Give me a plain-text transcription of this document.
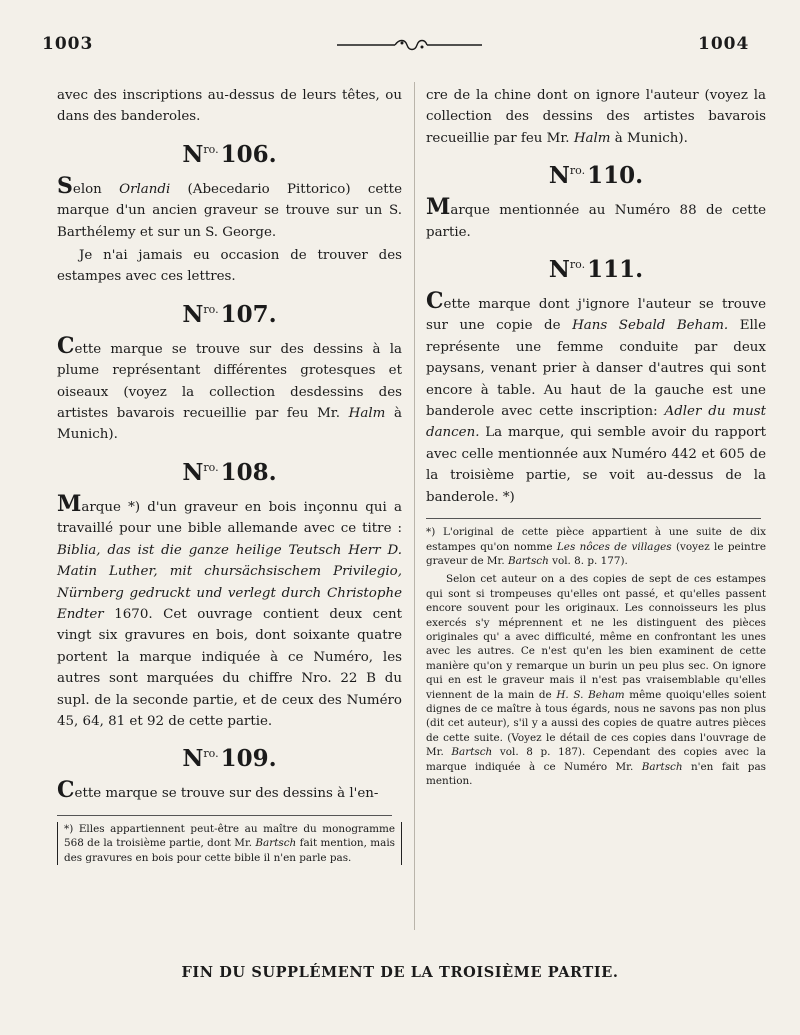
1003	1004

avec des inscriptions au-dessus de leurs têtes, ou dans des banderoles.

$N^{ro.}106$.

Selon Orlandi (Abecedario Pittorico) cette marque d'un ancien graveur se trouve sur un S. Barthélemy et sur un S. George.

Je n'ai jamais eu occasion de trouver des estampes avec ces lettres.

$N^{ro.}107$.

Cette marque se trouve sur des dessins à la plume représentant différentes grotesques et oiseaux (voyez la collection desdessins des artistes bavarois recueillie par feu Mr. Halm à Munich).

$N^{ro.}108$.

Marque *) d'un graveur en bois inçonnu qui a travaillé pour une bible allemande avec ce titre : Biblia, das ist die ganze heilige Teutsch Herr D. Matin Luther, mit chursächsischem Privilegio, Nürnberg gedruckt und verlegt durch Christophe Endter 1670. Cet ouvrage contient deux cent vingt six gravures en bois, dont soixante quatre portent la marque indiquée à ce Numéro, les autres sont marquées du chiffre Nro. 22 B du supl. de la seconde partie, et de ceux des Numéro 45, 64, 81 et 92 de cette partie.

$N^{ro.}109$.

Cette marque se trouve sur des dessins à l'en-

*) Elles appartiennent peut-être au maître du monogramme 568 de la troisième partie, dont Mr. Bartsch fait mention, mais des gravures en bois pour cette bible il n'en parle pas.

cre de la chine dont on ignore l'auteur (voyez la collection des dessins des artistes bavarois recueillie par feu Mr. Halm à Munich).

$N^{ro.}110$.

Marque mentionnée au Numéro 88 de cette partie.

$N^{ro.}111$.

Cette marque dont j'ignore l'auteur se trouve sur une copie de Hans Sebald Beham. Elle représente une femme conduite par deux paysans, venant prier à danser d'autres qui sont encore à table. Au haut de la gauche est une banderole avec cette inscription: Adler du must dancen. La marque, qui semble avoir du rapport avec celle mentionnée aux Numéro 442 et 605 de la troisième partie, se voit au-dessus de la banderole. *)

*) L'original de cette pièce appartient à une suite de dix estampes qu'on nomme Les nôces de villages (voyez le peintre graveur de Mr. Bartsch vol. 8. p. 177).

Selon cet auteur on a des copies de sept de ces estampes qui sont si trompeuses qu'elles ont passé, et qu'elles passent encore souvent pour les originaux. Les connoisseurs les plus exercés s'y méprennent et ne les distinguent des pièces originales qu' a avec difficulté, même en confrontant les unes avec les autres. Ce n'est qu'en les bien examinent de cette manière qu'on y remarque un burin un peu plus sec. On ignore qui en est le graveur mais il n'est pas vraisemblable qu'elles viennent de la main de H. S. Beham même quoiqu'elles soient dignes de ce maître à tous égards, nous ne savons pas non plus (dit cet auteur), s'il y a aussi des copies de quatre autres pièces de cette suite. (Voyez le détail de ces copies dans l'ouvrage de Mr. Bartsch vol. 8 p. 187). Cependant des copies avec la marque indiquée à ce Numéro Mr. Bartsch n'en fait pas mention.

FIN DU SUPPLÉMENT DE LA TROISIÈME PARTIE.
